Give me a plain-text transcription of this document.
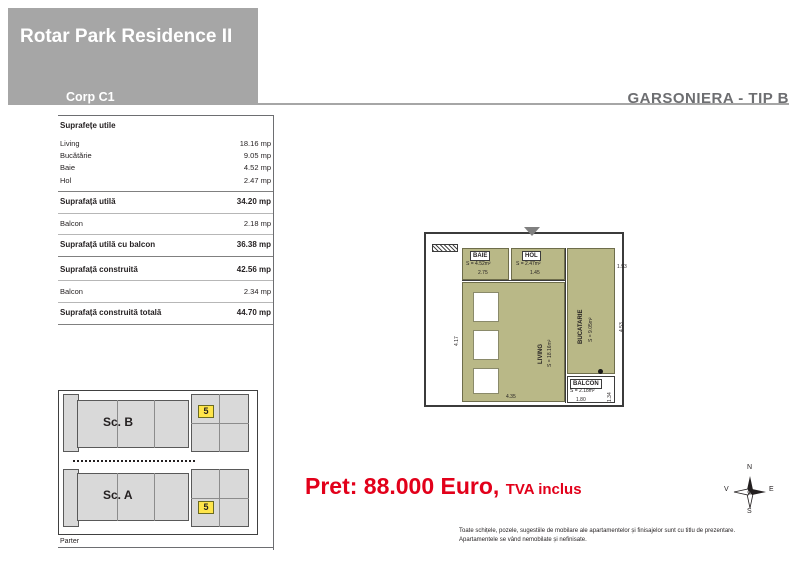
Rotar Park Residence II
Corp C1	GARSONIERA - TIP B
Suprafețe utile
Living	18.16 mp
Bucătărie	9.05 mp
Baie	4.52 mp
Hol	2.47 mp
Suprafață utilă	34.20 mp
Balcon	2.18 mp
Suprafață utilă cu balcon	36.38 mp
Suprafață construită	42.56 mp
Balcon	2.34 mp
Suprafață construită totală	44.70 mp
Sc. B
Sc. A
5
5
Parter
BAIE
S = 4.52m²
2.75
HOL
S = 2.47m²
1.45
LIVING S = 18.16m²
4.35
4.17	BUCATARIE S = 9.05m²
BALCON
S = 2.18m²
1.80	1.34
1.93
4.53
Pret: 88.000 Euro, TVA inclus
Toate schițele, pozele, sugestiile de mobilare ale apartamentelor și finisajelor sunt cu titlu de prezentare.
Apartamentele se vând nemobilate și nefinisate.
N
S
E
V
